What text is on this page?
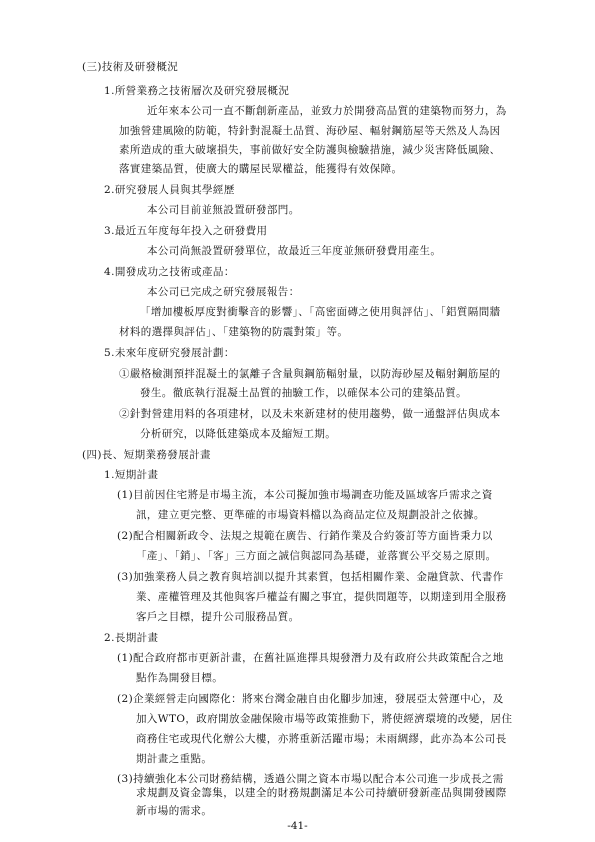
(三)技術及研發概況
1.所營業務之技術層次及研究發展概況
近年來本公司一直不斷創新產品，並致力於開發高品質的建築物而努力，為
加強營建風險的防範，特針對混凝土品質、海砂屋、輻射鋼筋屋等天然及人為因
素所造成的重大破壞損失，事前做好安全防護與檢驗措施，減少災害降低風險、
落實建築品質，使廣大的購屋民眾權益，能獲得有效保障。
2.研究發展人員與其學經歷
本公司目前並無設置研發部門。
3.最近五年度每年投入之研發費用
本公司尚無設置研發單位，故最近三年度並無研發費用產生。
4.開發成功之技術或產品：
本公司已完成之研究發展報告：
「增加樓板厚度對衝擊音的影響」、「高密面磚之使用與評估」、「鋁質隔間牆
材料的選擇與評估」、「建築物的防震對策」等。
5.未來年度研究發展計劃：
①嚴格檢測預拌混凝土的氯離子含量與鋼筋輻射量，以防海砂屋及輻射鋼筋屋的
發生。徹底執行混凝土品質的抽驗工作，以確保本公司的建築品質。
②針對營建用料的各項建材，以及未來新建材的使用趨勢，做一通盤評估與成本
分析研究，以降低建築成本及縮短工期。
(四)長、短期業務發展計畫
1.短期計畫
(1)目前因住宅將是市場主流，本公司擬加強市場調查功能及區域客戶需求之資
訊，建立更完整、更準確的市場資料檔以為商品定位及規劃設計之依據。
(2)配合相關新政令、法規之規範在廣告、行銷作業及合約簽訂等方面皆秉力以
「產」、「銷」、「客」三方面之誠信與認同為基礎，並落實公平交易之原則。
(3)加強業務人員之教育與培訓以提升其素質，包括相關作業、金融貸款、代書作
業、產權管理及其他與客戶權益有關之事宜，提供問題等，以期達到用全服務
客戶之目標，提升公司服務品質。
2.長期計畫
(1)配合政府都市更新計畫，在舊社區進擇具規發潛力及有政府公共政策配合之地
點作為開發目標。
(2)企業經營走向國際化：將來台灣金融自由化腳步加速，發展亞太營運中心，及
加入WTO，政府開放金融保險市場等政策推動下，將使經濟環境的改變，居住
商務住宅或現代化辦公大樓，亦將重新活躍市場；未雨綢繆，此亦為本公司長
期計畫之重點。
(3)持續強化本公司財務結構，透過公開之資本市場以配合本公司進一步成長之需
求規劃及資金籌集，以建全的財務規劃滿足本公司持續研發新產品與開發國際
-41-
新市場的需求。
